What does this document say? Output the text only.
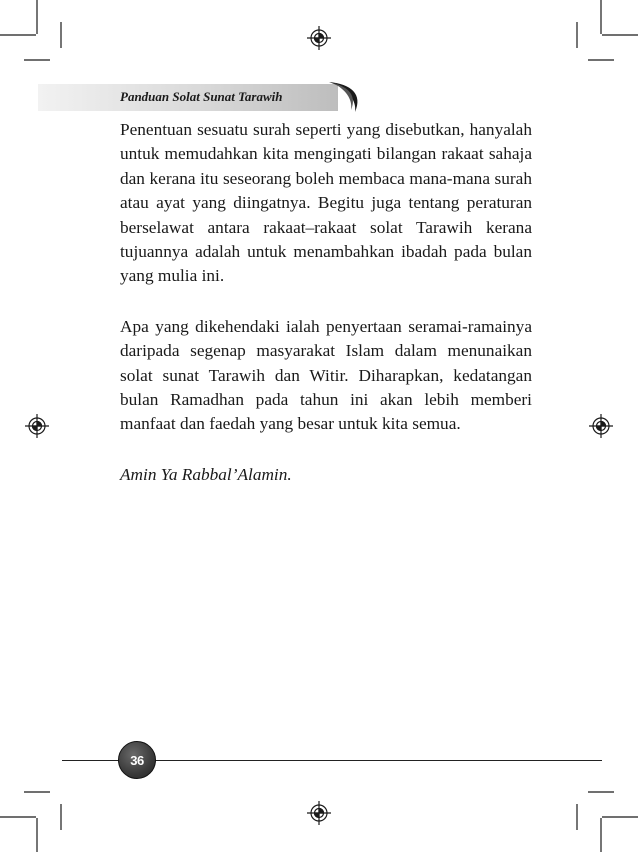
Panduan Solat Sunat Tarawih

Penentuan sesuatu surah seperti yang disebutkan, hanyalah untuk memudahkan kita mengingati bilangan rakaat sahaja dan kerana itu seseorang boleh membaca mana-mana surah atau ayat yang diingatnya. Begitu juga tentang peraturan berselawat antara rakaat–rakaat solat Tarawih kerana tujuannya adalah untuk menambahkan ibadah pada bulan yang mulia ini.

Apa yang dikehendaki ialah penyertaan seramai-ramainya daripada segenap masyarakat Islam dalam menunaikan solat sunat Tarawih dan Witir. Diharapkan, kedatangan bulan Ramadhan pada tahun ini akan lebih memberi manfaat dan faedah yang besar untuk kita semua.

Amin Ya Rabbal’Alamin.

36
